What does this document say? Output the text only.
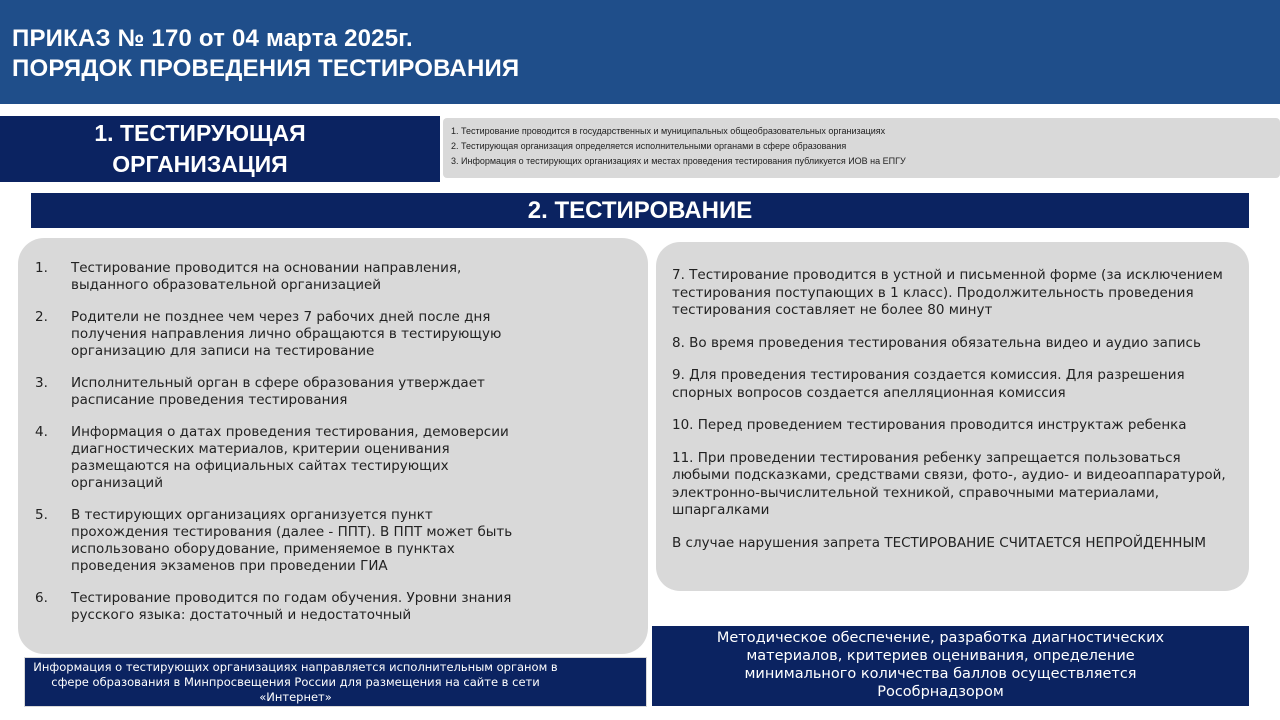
ПРИКАЗ № 170 от 04 марта 2025г.
ПОРЯДОК ПРОВЕДЕНИЯ ТЕСТИРОВАНИЯ
1. ТЕСТИРУЮЩАЯ
ОРГАНИЗАЦИЯ
1. Тестирование проводится в государственных и муниципальных общеобразовательных организациях
2. Тестирующая организация определяется исполнительными органами в сфере образования
3. Информация о тестирующих организациях и местах проведения тестирования публикуется ИОВ на ЕПГУ
2. ТЕСТИРОВАНИЕ
1.	Тестирование проводится на основании направления, выданного образовательной организацией
2.	Родители не позднее чем через 7 рабочих дней после дня получения направления лично обращаются в тестирующую организацию для записи на тестирование
3.	Исполнительный орган в сфере образования утверждает расписание проведения тестирования
4.	Информация о датах проведения тестирования, демоверсии диагностических материалов, критерии оценивания размещаются на официальных сайтах тестирующих организаций
5.	В тестирующих организациях организуется пункт прохождения тестирования (далее - ППТ). В ППТ может быть использовано оборудование, применяемое в пунктах проведения экзаменов при проведении ГИА
6.	Тестирование проводится по годам обучения. Уровни знания русского языка: достаточный и недостаточный
7. Тестирование проводится в устной и письменной форме (за исключением тестирования поступающих в 1 класс). Продолжительность проведения тестирования составляет не более 80 минут
8. Во время проведения тестирования обязательна видео и аудио запись
9. Для проведения тестирования создается комиссия. Для разрешения спорных вопросов создается апелляционная комиссия
10. Перед проведением тестирования проводится инструктаж ребенка
11. При проведении тестирования ребенку запрещается пользоваться любыми подсказками, средствами связи, фото-, аудио- и видеоаппаратурой, электронно-вычислительной техникой, справочными материалами, шпаргалками
В случае нарушения запрета ТЕСТИРОВАНИЕ СЧИТАЕТСЯ НЕПРОЙДЕННЫМ
Информация о тестирующих организациях направляется исполнительным органом в сфере образования в Минпросвещения России для размещения на сайте в сети «Интернет»
Методическое обеспечение, разработка диагностических материалов, критериев оценивания, определение минимального количества баллов осуществляется Рособрнадзором
